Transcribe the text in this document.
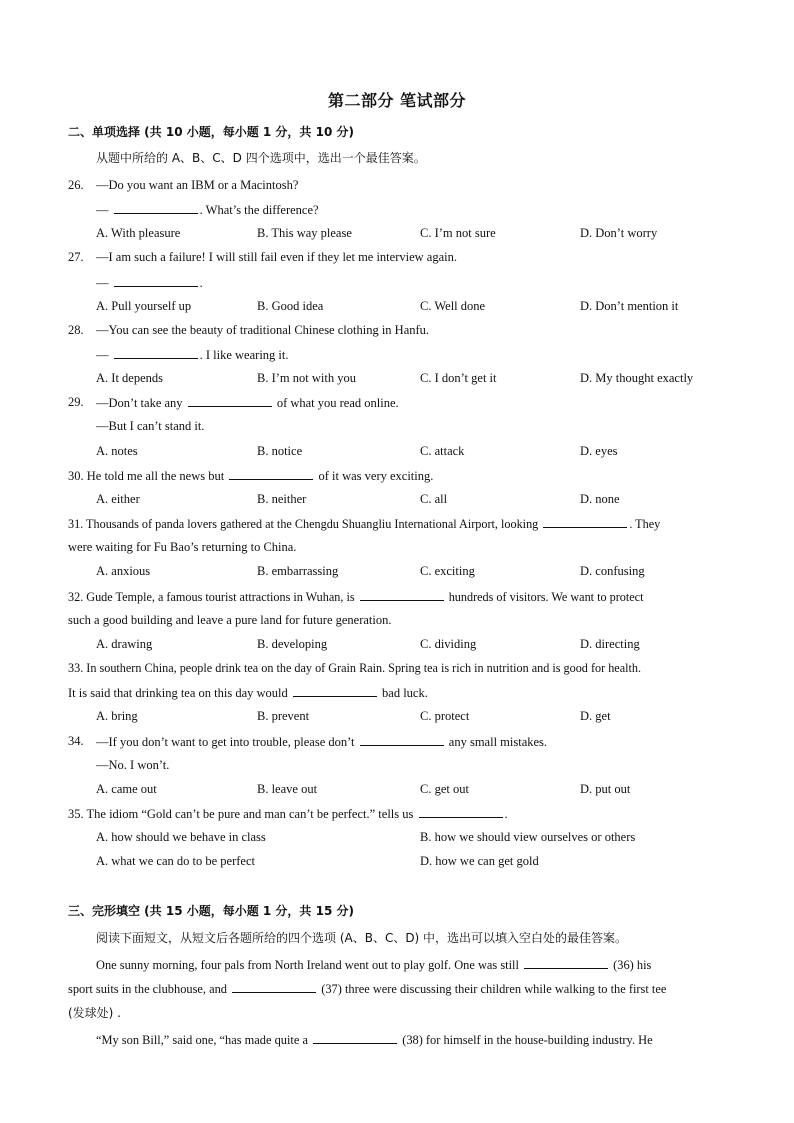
第二部分 笔试部分
二、单项选择 (共 10 小题，每小题 1 分，共 10 分)
从题中所给的 A、B、C、D 四个选项中，选出一个最佳答案。
26. —Do you want an IBM or a Macintosh?
—	. What’s the difference?
A. With pleasure	B. This way please	C. I’m not sure	D. Don’t worry
27. —I am such a failure! I will still fail even if they let me interview again.
—	.
A. Pull yourself up	B. Good idea	C. Well done	D. Don’t mention it
28. —You can see the beauty of traditional Chinese clothing in Hanfu.
—	. I like wearing it.
A. It depends	B. I’m not with you	C. I don’t get it	D. My thought exactly
29. —Don’t take any	of what you read online.
—But I can’t stand it.
A. notes	B. notice	C. attack	D. eyes
30. He told me all the news but	of it was very exciting.
A. either	B. neither	C. all	D. none
31. Thousands of panda lovers gathered at the Chengdu Shuangliu International Airport, looking	. They
were waiting for Fu Bao’s returning to China.
A. anxious	B. embarrassing	C. exciting	D. confusing
32. Gude Temple, a famous tourist attractions in Wuhan, is	hundreds of visitors. We want to protect
such a good building and leave a pure land for future generation.
A. drawing	B. developing	C. dividing	D. directing
33. In southern China, people drink tea on the day of Grain Rain. Spring tea is rich in nutrition and is good for health.
It is said that drinking tea on this day would	bad luck.
A. bring	B. prevent	C. protect	D. get
34. —If you don’t want to get into trouble, please don’t	any small mistakes.
—No. I won’t.
A. came out	B. leave out	C. get out	D. put out
35. The idiom “Gold can’t be pure and man can’t be perfect.” tells us	.
A. how should we behave in class	B. how we should view ourselves or others
A. what we can do to be perfect	D. how we can get gold
三、完形填空 (共 15 小题，每小题 1 分，共 15 分)
阅读下面短文，从短文后各题所给的四个选项 (A、B、C、D) 中，选出可以填入空白处的最佳答案。
One sunny morning, four pals from North Ireland went out to play golf. One was still	(36) his
sport suits in the clubhouse, and	(37) three were discussing their children while walking to the first tee
(发球处) .
“My son Bill,” said one, “has made quite a	(38) for himself in the house-building industry. He
